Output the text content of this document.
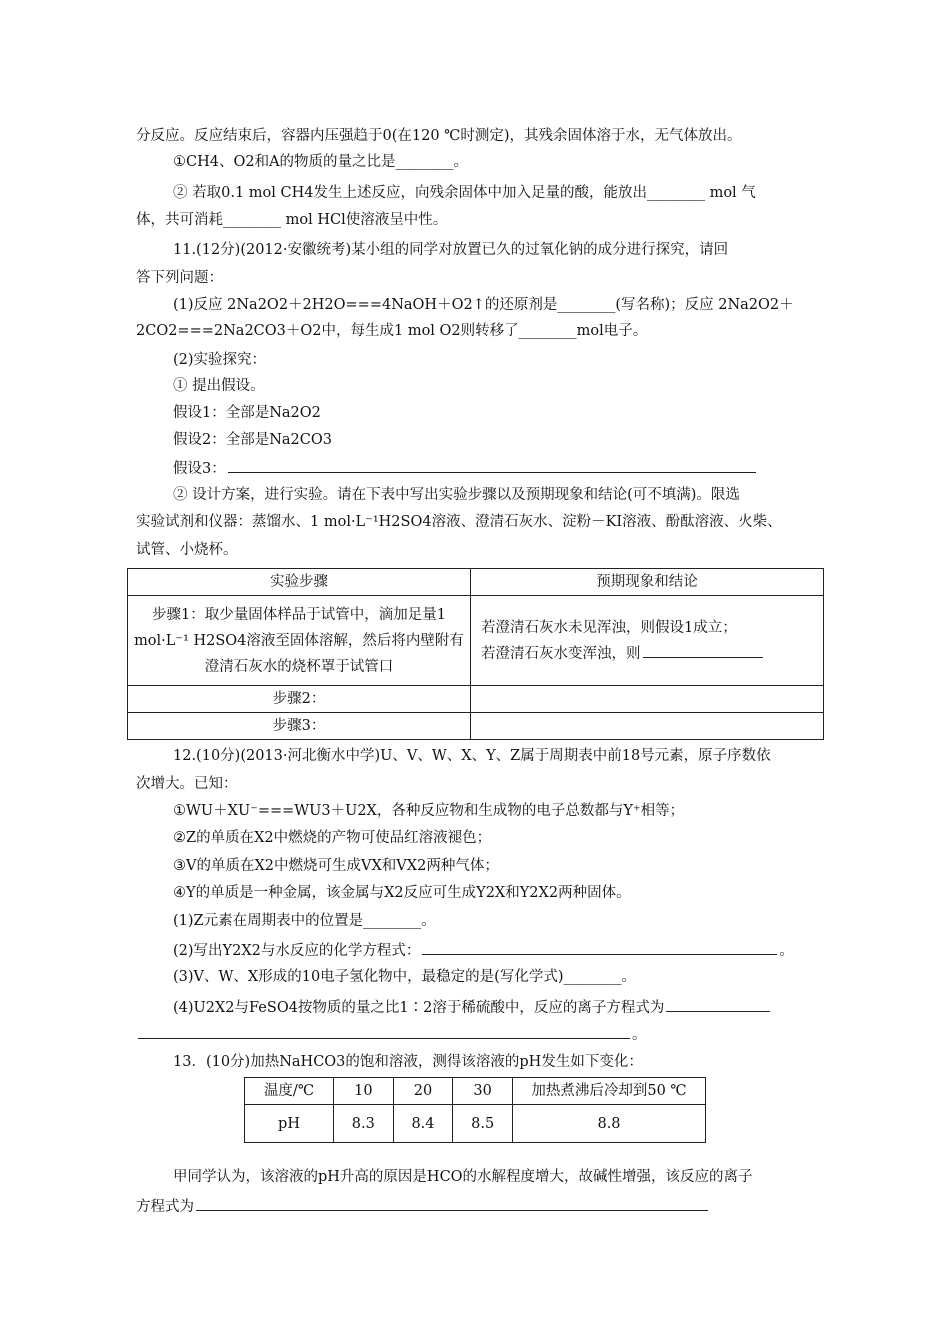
分反应。反应结束后，容器内压强趋于0(在120 ℃时测定)，其残余固体溶于水，无气体放出。
①CH4、O2和A的物质的量之比是________。
② 若取0.1 mol CH4发生上述反应，向残余固体中加入足量的酸，能放出________ mol 气
体，共可消耗________ mol HCl使溶液呈中性。
11.(12分)(2012·安徽统考)某小组的同学对放置已久的过氧化钠的成分进行探究，请回
答下列问题：
(1)反应 2Na2O2＋2H2O===4NaOH＋O2↑的还原剂是________(写名称)；反应 2Na2O2＋
2CO2===2Na2CO3＋O2中，每生成1 mol O2则转移了________mol电子。
(2)实验探究：
① 提出假设。
假设1：全部是Na2O2
假设2：全部是Na2CO3
假设3：
② 设计方案，进行实验。请在下表中写出实验步骤以及预期现象和结论(可不填满)。限选
实验试剂和仪器：蒸馏水、1 mol·L⁻¹H2SO4溶液、澄清石灰水、淀粉－KI溶液、酚酞溶液、火柴、
试管、小烧杯。
实验步骤	预期现象和结论
步骤1：取少量固体样品于试管中，滴加足量1 mol·L⁻¹ H2SO4溶液至固体溶解，然后将内壁附有澄清石灰水的烧杯罩于试管口	若澄清石灰水未见浑浊，则假设1成立；
若澄清石灰水变浑浊，则

步骤2：	
步骤3：	
12.(10分)(2013·河北衡水中学)U、V、W、X、Y、Z属于周期表中前18号元素，原子序数依
次增大。已知：
①WU＋XU⁻===WU3＋U2X，各种反应物和生成物的电子总数都与Y⁺相等；
②Z的单质在X2中燃烧的产物可使品红溶液褪色；
③V的单质在X2中燃烧可生成VX和VX2两种气体；
④Y的单质是一种金属，该金属与X2反应可生成Y2X和Y2X2两种固体。
(1)Z元素在周期表中的位置是________。
(2)写出Y2X2与水反应的化学方程式：	。
(3)V、W、X形成的10电子氢化物中，最稳定的是(写化学式)________。
(4)U2X2与FeSO4按物质的量之比1∶2溶于稀硫酸中，反应的离子方程式为
。
13．(10分)加热NaHCO3的饱和溶液，测得该溶液的pH发生如下变化：
温度/℃	10	20	30	加热煮沸后冷却到50 ℃
pH	8.3	8.4	8.5	8.8
甲同学认为，该溶液的pH升高的原因是HCO的水解程度增大，故碱性增强，该反应的离子
方程式为
